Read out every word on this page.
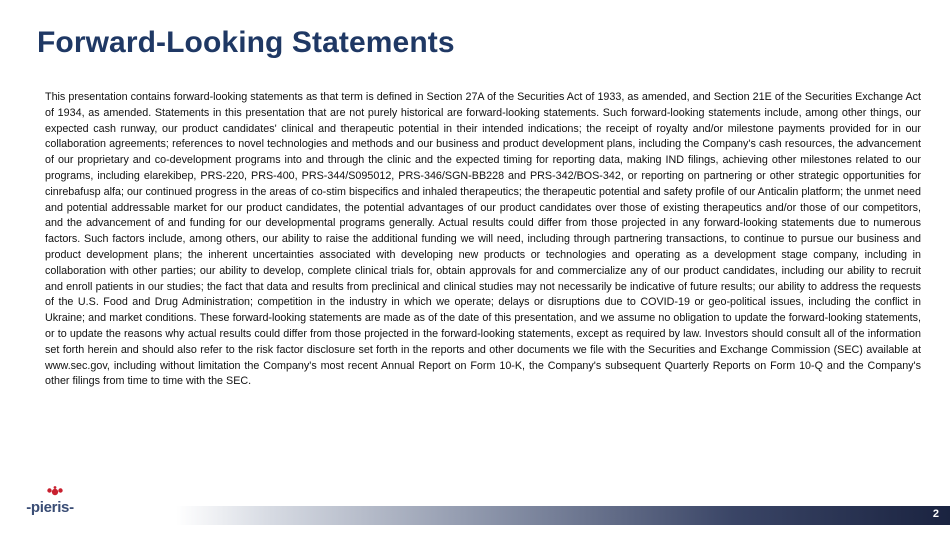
Forward-Looking Statements

This presentation contains forward-looking statements as that term is defined in Section 27A of the Securities Act of 1933, as amended, and Section 21E of the Securities Exchange Act of 1934, as amended. Statements in this presentation that are not purely historical are forward-looking statements. Such forward-looking statements include, among other things, our expected cash runway, our product candidates' clinical and therapeutic potential in their intended indications; the receipt of royalty and/or milestone payments provided for in our collaboration agreements; references to novel technologies and methods and our business and product development plans, including the Company's cash resources, the advancement of our proprietary and co-development programs into and through the clinic and the expected timing for reporting data, making IND filings, achieving other milestones related to our programs, including elarekibep, PRS-220, PRS-400, PRS-344/S095012, PRS-346/SGN-BB228 and PRS-342/BOS-342, or reporting on partnering or other strategic opportunities for cinrebafusp alfa; our continued progress in the areas of co-stim bispecifics and inhaled therapeutics; the therapeutic potential and safety profile of our Anticalin platform; the unmet need and potential addressable market for our product candidates, the potential advantages of our product candidates over those of existing therapeutics and/or those of our competitors, and the advancement of and funding for our developmental programs generally. Actual results could differ from those projected in any forward-looking statements due to numerous factors. Such factors include, among others, our ability to raise the additional funding we will need, including through partnering transactions, to continue to pursue our business and product development plans; the inherent uncertainties associated with developing new products or technologies and operating as a development stage company, including in collaboration with other parties; our ability to develop, complete clinical trials for, obtain approvals for and commercialize any of our product candidates, including our ability to recruit and enroll patients in our studies; the fact that data and results from preclinical and clinical studies may not necessarily be indicative of future results; our ability to address the requests of the U.S. Food and Drug Administration; competition in the industry in which we operate; delays or disruptions due to COVID-19 or geo-political issues, including the conflict in Ukraine; and market conditions. These forward-looking statements are made as of the date of this presentation, and we assume no obligation to update the forward-looking statements, or to update the reasons why actual results could differ from those projected in the forward-looking statements, except as required by law. Investors should consult all of the information set forth herein and should also refer to the risk factor disclosure set forth in the reports and other documents we file with the Securities and Exchange Commission (SEC) available at www.sec.gov, including without limitation the Company's most recent Annual Report on Form 10-K, the Company's subsequent Quarterly Reports on Form 10-Q and the Company's other filings from time to time with the SEC.

-pieris-	2
